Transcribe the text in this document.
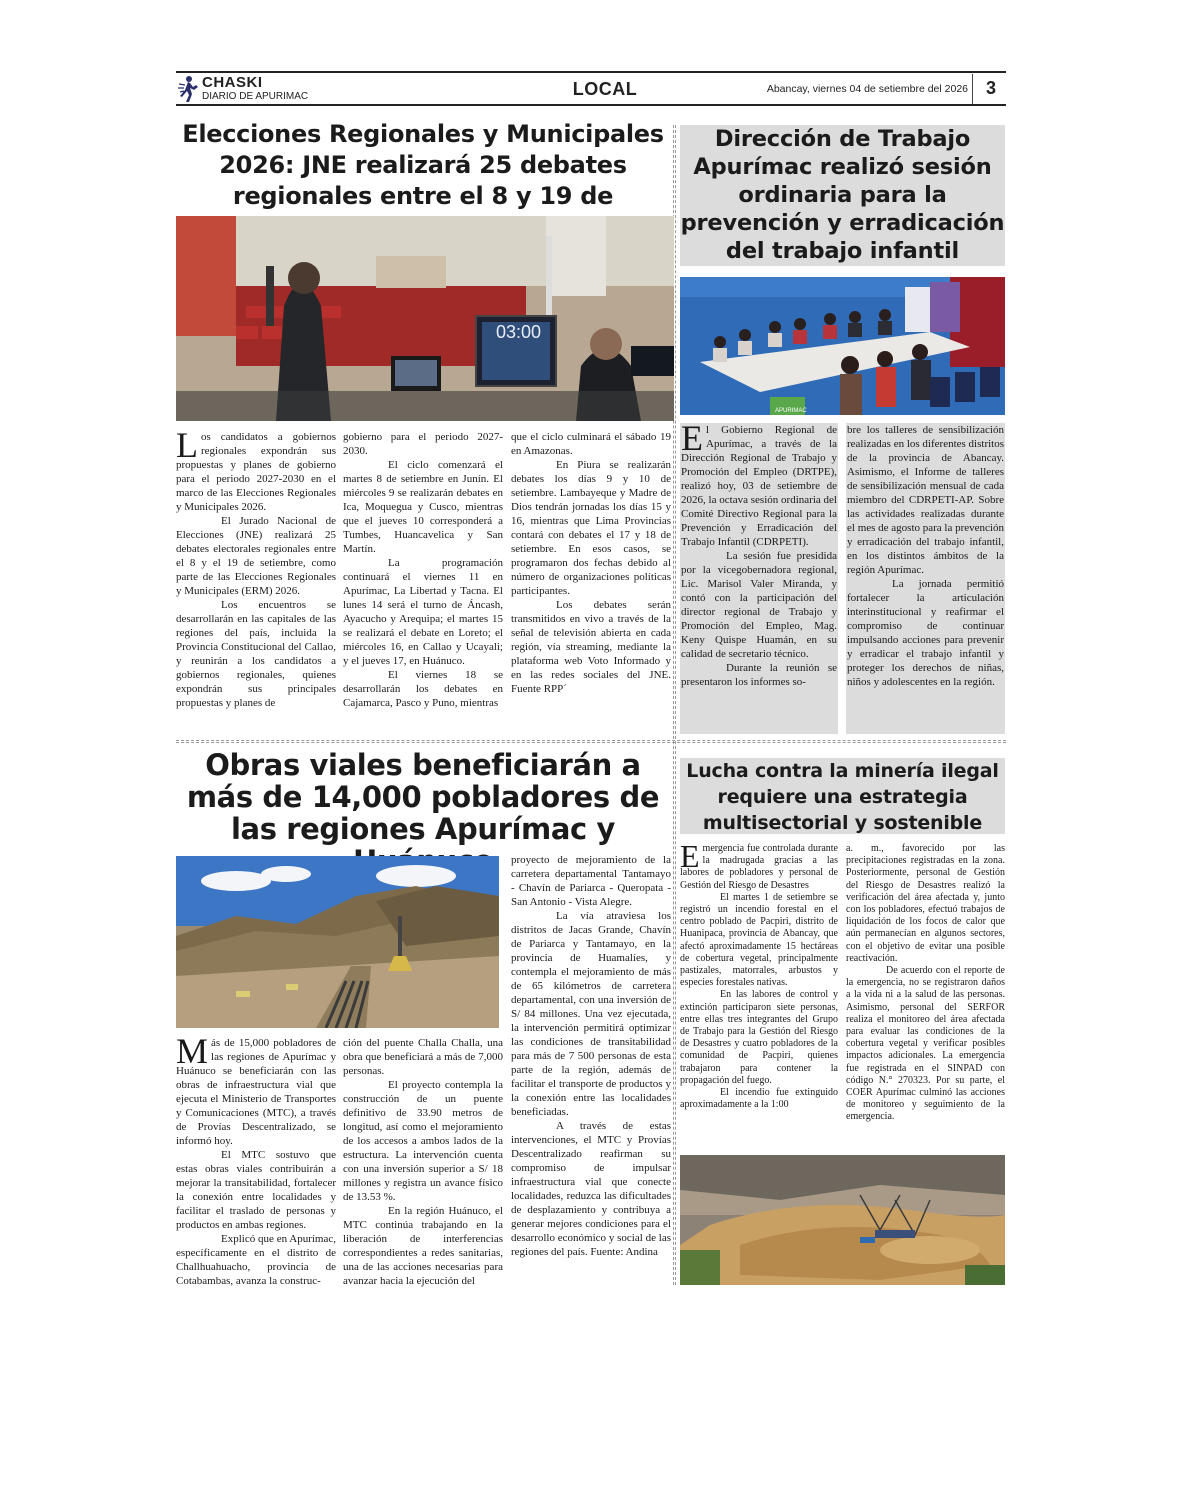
CHASKI
DIARIO DE APURIMAC	LOCAL	Abancay, viernes 04 de setiembre del 2026 3
Elecciones Regionales y Municipales 2026: JNE realizará 25 debates regionales entre el 8 y 19 de
03:00

Los candidatos a gobiernos regionales expondrán sus propuestas y planes de gobierno para el periodo 2027-2030 en el marco de las Elecciones Regionales y Municipales 2026.

El Jurado Nacional de Elecciones (JNE) realizará 25 debates electorales regionales entre el 8 y el 19 de setiembre, como parte de las Elecciones Regionales y Municipales (ERM) 2026.

Los encuentros se desarrollarán en las capitales de las regiones del país, incluida la Provincia Constitucional del Callao, y reunirán a los candidatos a gobiernos regionales, quienes expondrán sus principales propuestas y planes de

gobierno para el periodo 2027-2030.

El ciclo comenzará el martes 8 de setiembre en Junín. El miércoles 9 se realizarán debates en Ica, Moquegua y Cusco, mientras que el jueves 10 corresponderá a Tumbes, Huancavelica y San Martín.

La programación continuará el viernes 11 en Apurímac, La Libertad y Tacna. El lunes 14 será el turno de Áncash, Ayacucho y Arequipa; el martes 15 se realizará el debate en Loreto; el miércoles 16, en Callao y Ucayali; y el jueves 17, en Huánuco.

El viernes 18 se desarrollarán los debates en Cajamarca, Pasco y Puno, mientras

que el ciclo culminará el sábado 19 en Amazonas.

En Piura se realizarán debates los días 9 y 10 de setiembre. Lambayeque y Madre de Dios tendrán jornadas los días 15 y 16, mientras que Lima Provincias contará con debates el 17 y 18 de setiembre. En esos casos, se programaron dos fechas debido al número de organizaciones políticas participantes.

Los debates serán transmitidos en vivo a través de la señal de televisión abierta en cada región, vía streaming, mediante la plataforma web Voto Informado y en las redes sociales del JNE. Fuente RPP´

Dirección de Trabajo Apurímac realizó sesión ordinaria para la prevención y erradicación del trabajo infantil
APURIMAC

El Gobierno Regional de Apurímac, a través de la Dirección Regional de Trabajo y Promoción del Empleo (DRTPE), realizó hoy, 03 de setiembre de 2026, la octava sesión ordinaria del Comité Directivo Regional para la Prevención y Erradicación del Trabajo Infantil (CDRPETI).

La sesión fue presidida por la vicegobernadora regional, Lic. Marisol Valer Miranda, y contó con la participación del director regional de Trabajo y Promoción del Empleo, Mag. Keny Quispe Huamán, en su calidad de secretario técnico.

Durante la reunión se presentaron los informes so-

bre los talleres de sensibilización realizadas en los diferentes distritos de la provincia de Abancay. Asimismo, el Informe de talleres de sensibilización mensual de cada miembro del CDRPETI-AP. Sobre las actividades realizadas durante el mes de agosto para la prevención y erradicación del trabajo infantil, en los distintos ámbitos de la región Apurímac.

La jornada permitió fortalecer la articulación interinstitucional y reafirmar el compromiso de continuar impulsando acciones para prevenir y erradicar el trabajo infantil y proteger los derechos de niñas, niños y adolescentes en la región.

Obras viales beneficiarán a más de 14,000 pobladores de las regiones Apurímac y

Más de 15,000 pobladores de las regiones de Apurímac y Huánuco se beneficiarán con las obras de infraestructura vial que ejecuta el Ministerio de Transportes y Comunicaciones (MTC), a través de Provías Descentralizado, se informó hoy.

El MTC sostuvo que estas obras viales contribuirán a mejorar la transitabilidad, fortalecer la conexión entre localidades y facilitar el traslado de personas y productos en ambas regiones.

Explicó que en Apurímac, específicamente en el distrito de Challhuahuacho, provincia de Cotabambas, avanza la construc-

ción del puente Challa Challa, una obra que beneficiará a más de 7,000 personas.

El proyecto contempla la construcción de un puente definitivo de 33.90 metros de longitud, así como el mejoramiento de los accesos a ambos lados de la estructura. La intervención cuenta con una inversión superior a S/ 18 millones y registra un avance físico de 13.53 %.

En la región Huánuco, el MTC continúa trabajando en la liberación de interferencias correspondientes a redes sanitarias, una de las acciones necesarias para avanzar hacia la ejecución del

proyecto de mejoramiento de la carretera departamental Tantamayo - Chavín de Pariarca - Queropata - San Antonio - Vista Alegre.

La vía atraviesa los distritos de Jacas Grande, Chavín de Pariarca y Tantamayo, en la provincia de Huamalíes, y contempla el mejoramiento de más de 65 kilómetros de carretera departamental, con una inversión de S/ 84 millones. Una vez ejecutada, la intervención permitirá optimizar las condiciones de transitabilidad para más de 7 500 personas de esta parte de la región, además de facilitar el transporte de productos y la conexión entre las localidades beneficiadas.

A través de estas intervenciones, el MTC y Provías Descentralizado reafirman su compromiso de impulsar infraestructura vial que conecte localidades, reduzca las dificultades de desplazamiento y contribuya a generar mejores condiciones para el desarrollo económico y social de las regiones del país. Fuente: Andina

Lucha contra la minería ilegal requiere una estrategia multisectorial y sostenible

Emergencia fue controlada durante la madrugada gracias a las labores de pobladores y personal de Gestión del Riesgo de Desastres

El martes 1 de setiembre se registró un incendio forestal en el centro poblado de Pacpiri, distrito de Huanipaca, provincia de Abancay, que afectó aproximadamente 15 hectáreas de cobertura vegetal, principalmente pastizales, matorrales, arbustos y especies forestales nativas.

En las labores de control y extinción participaron siete personas, entre ellas tres integrantes del Grupo de Trabajo para la Gestión del Riesgo de Desastres y cuatro pobladores de la comunidad de Pacpiri, quienes trabajaron para contener la propagación del fuego.

El incendio fue extinguido aproximadamente a la 1:00

a. m., favorecido por las precipitaciones registradas en la zona. Posteriormente, personal de Gestión del Riesgo de Desastres realizó la verificación del área afectada y, junto con los pobladores, efectuó trabajos de liquidación de los focos de calor que aún permanecían en algunos sectores, con el objetivo de evitar una posible reactivación.

De acuerdo con el reporte de la emergencia, no se registraron daños a la vida ni a la salud de las personas. Asimismo, personal del SERFOR realiza el monitoreo del área afectada para evaluar las condiciones de la cobertura vegetal y verificar posibles impactos adicionales. La emergencia fue registrada en el SINPAD con código N.° 270323. Por su parte, el COER Apurímac culminó las acciones de monitoreo y seguimiento de la emergencia.
